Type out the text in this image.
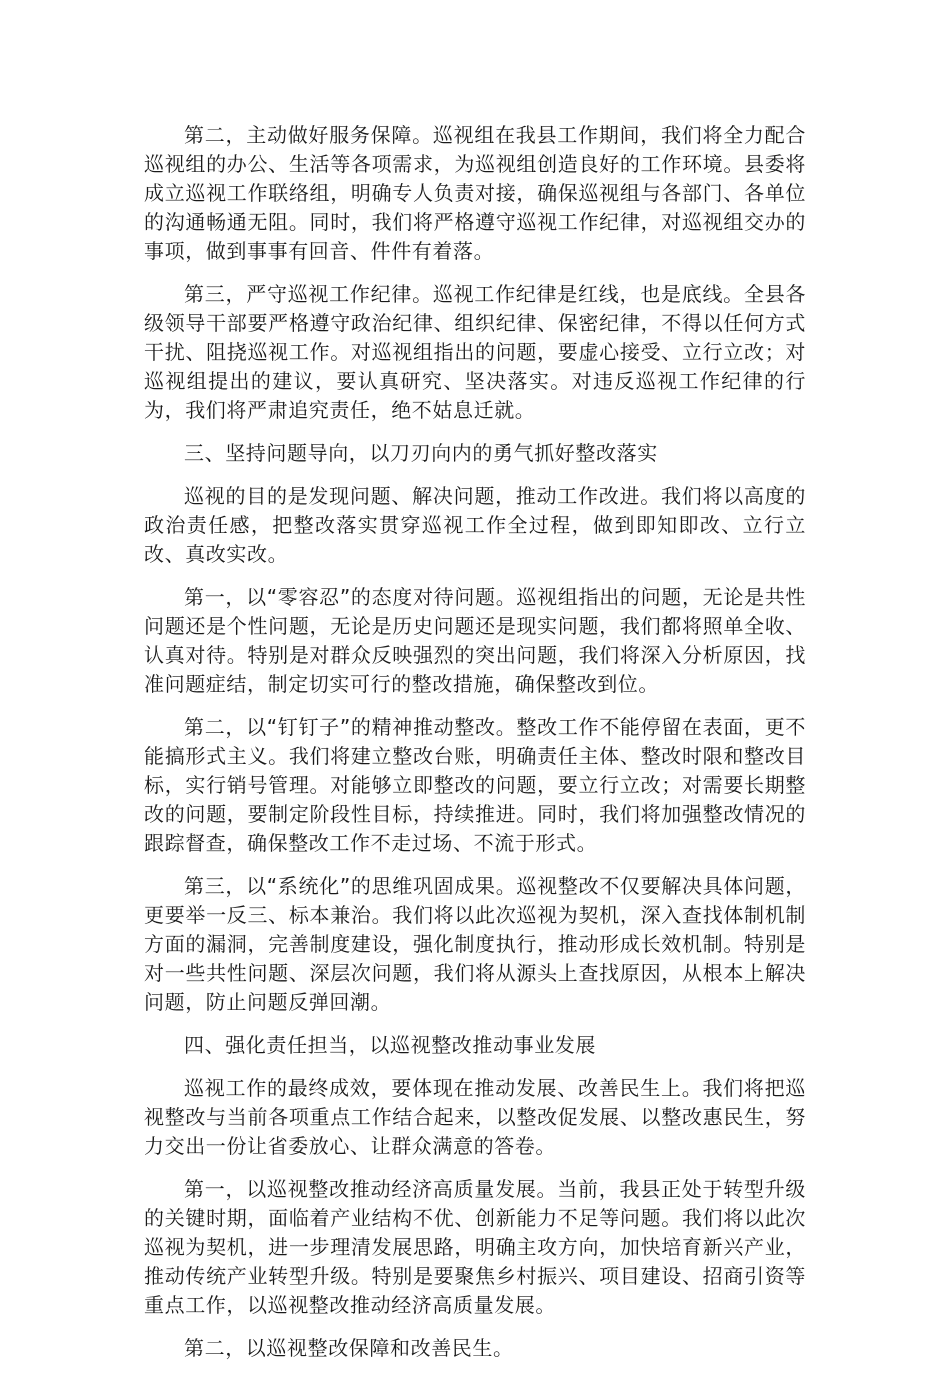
第二，主动做好服务保障。巡视组在我县工作期间，我们将全力配合巡视组的办公、生活等各项需求，为巡视组创造良好的工作环境。县委将成立巡视工作联络组，明确专人负责对接，确保巡视组与各部门、各单位的沟通畅通无阻。同时，我们将严格遵守巡视工作纪律，对巡视组交办的事项，做到事事有回音、件件有着落。

第三，严守巡视工作纪律。巡视工作纪律是红线，也是底线。全县各级领导干部要严格遵守政治纪律、组织纪律、保密纪律，不得以任何方式干扰、阻挠巡视工作。对巡视组指出的问题，要虚心接受、立行立改；对巡视组提出的建议，要认真研究、坚决落实。对违反巡视工作纪律的行为，我们将严肃追究责任，绝不姑息迁就。

三、坚持问题导向，以刀刃向内的勇气抓好整改落实

巡视的目的是发现问题、解决问题，推动工作改进。我们将以高度的政治责任感，把整改落实贯穿巡视工作全过程，做到即知即改、立行立改、真改实改。

第一，以“零容忍”的态度对待问题。巡视组指出的问题，无论是共性问题还是个性问题，无论是历史问题还是现实问题，我们都将照单全收、认真对待。特别是对群众反映强烈的突出问题，我们将深入分析原因，找准问题症结，制定切实可行的整改措施，确保整改到位。

第二，以“钉钉子”的精神推动整改。整改工作不能停留在表面，更不能搞形式主义。我们将建立整改台账，明确责任主体、整改时限和整改目标，实行销号管理。对能够立即整改的问题，要立行立改；对需要长期整改的问题，要制定阶段性目标，持续推进。同时，我们将加强整改情况的跟踪督查，确保整改工作不走过场、不流于形式。

第三，以“系统化”的思维巩固成果。巡视整改不仅要解决具体问题，更要举一反三、标本兼治。我们将以此次巡视为契机，深入查找体制机制方面的漏洞，完善制度建设，强化制度执行，推动形成长效机制。特别是对一些共性问题、深层次问题，我们将从源头上查找原因，从根本上解决问题，防止问题反弹回潮。

四、强化责任担当，以巡视整改推动事业发展

巡视工作的最终成效，要体现在推动发展、改善民生上。我们将把巡视整改与当前各项重点工作结合起来，以整改促发展、以整改惠民生，努力交出一份让省委放心、让群众满意的答卷。

第一，以巡视整改推动经济高质量发展。当前，我县正处于转型升级的关键时期，面临着产业结构不优、创新能力不足等问题。我们将以此次巡视为契机，进一步理清发展思路，明确主攻方向，加快培育新兴产业，推动传统产业转型升级。特别是要聚焦乡村振兴、项目建设、招商引资等重点工作，以巡视整改推动经济高质量发展。

第二，以巡视整改保障和改善民生。
